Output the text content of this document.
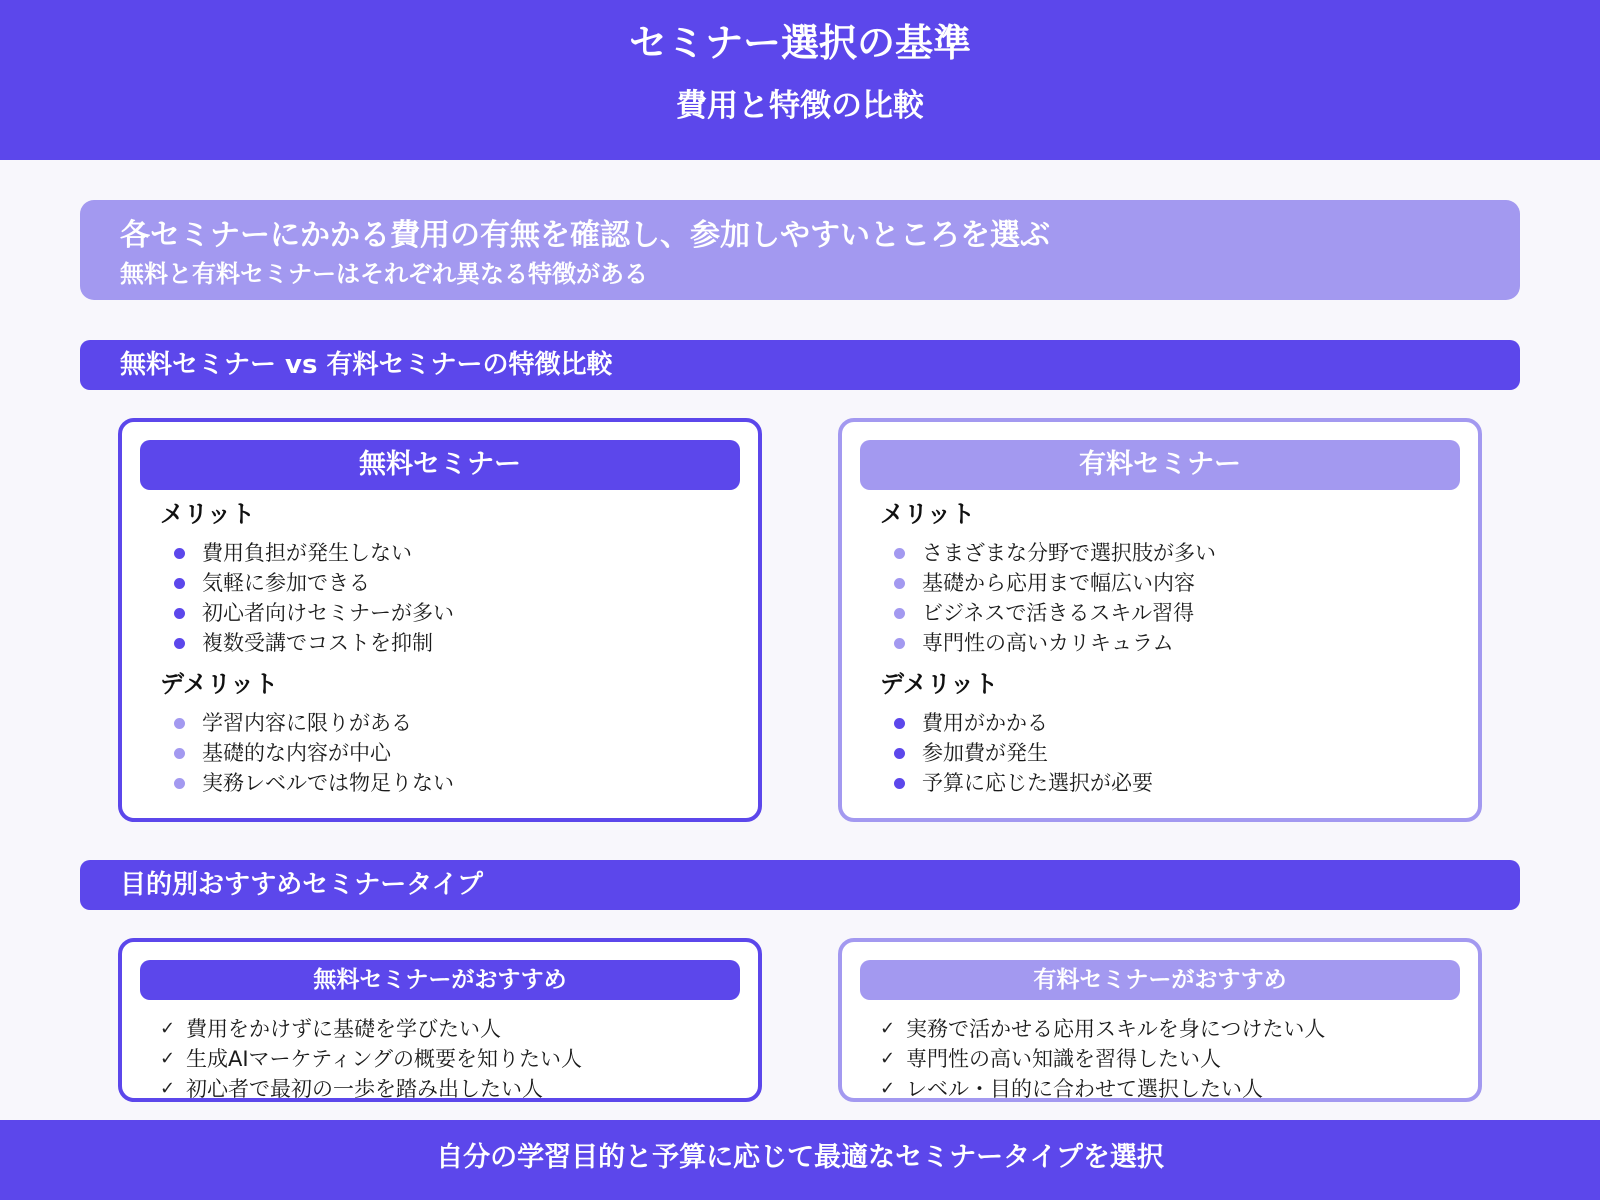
セミナー選択の基準
費用と特徴の比較
各セミナーにかかる費用の有無を確認し、参加しやすいところを選ぶ
無料と有料セミナーはそれぞれ異なる特徴がある
無料セミナー vs 有料セミナーの特徴比較
無料セミナー
メリット
費用負担が発生しない
気軽に参加できる
初心者向けセミナーが多い
複数受講でコストを抑制
デメリット
学習内容に限りがある
基礎的な内容が中心
実務レベルでは物足りない
有料セミナー
メリット
さまざまな分野で選択肢が多い
基礎から応用まで幅広い内容
ビジネスで活きるスキル習得
専門性の高いカリキュラム
デメリット
費用がかかる
参加費が発生
予算に応じた選択が必要
目的別おすすめセミナータイプ
無料セミナーがおすすめ
✓ 費用をかけずに基礎を学びたい人
✓ 生成AIマーケティングの概要を知りたい人
✓ 初心者で最初の一歩を踏み出したい人
有料セミナーがおすすめ
✓ 実務で活かせる応用スキルを身につけたい人
✓ 専門性の高い知識を習得したい人
✓ レベル・目的に合わせて選択したい人
自分の学習目的と予算に応じて最適なセミナータイプを選択
